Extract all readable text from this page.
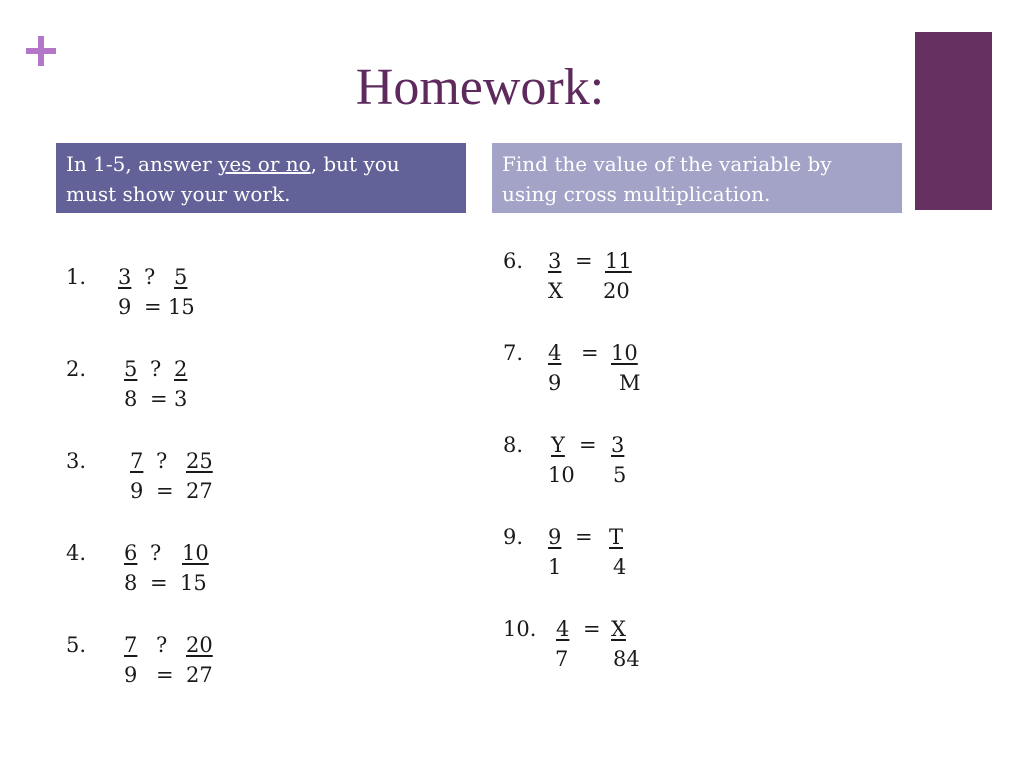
Homework:
In 1-5, answer yes or no, but you must show your work.
Find the value of the variable by using cross multiplication.
1. 3 ? 5
9 = 15
2. 5 ? 2
8 = 3
3. 7 ? 25
9 = 27
4. 6 ? 10
8 = 15
5. 7 ? 20
9 = 27
6. 3 = 11
X 20
7. 4 = 10
9	M
8. Y = 3
10 5
9. 9 = T
1 4
10. 4 = X
7 84
